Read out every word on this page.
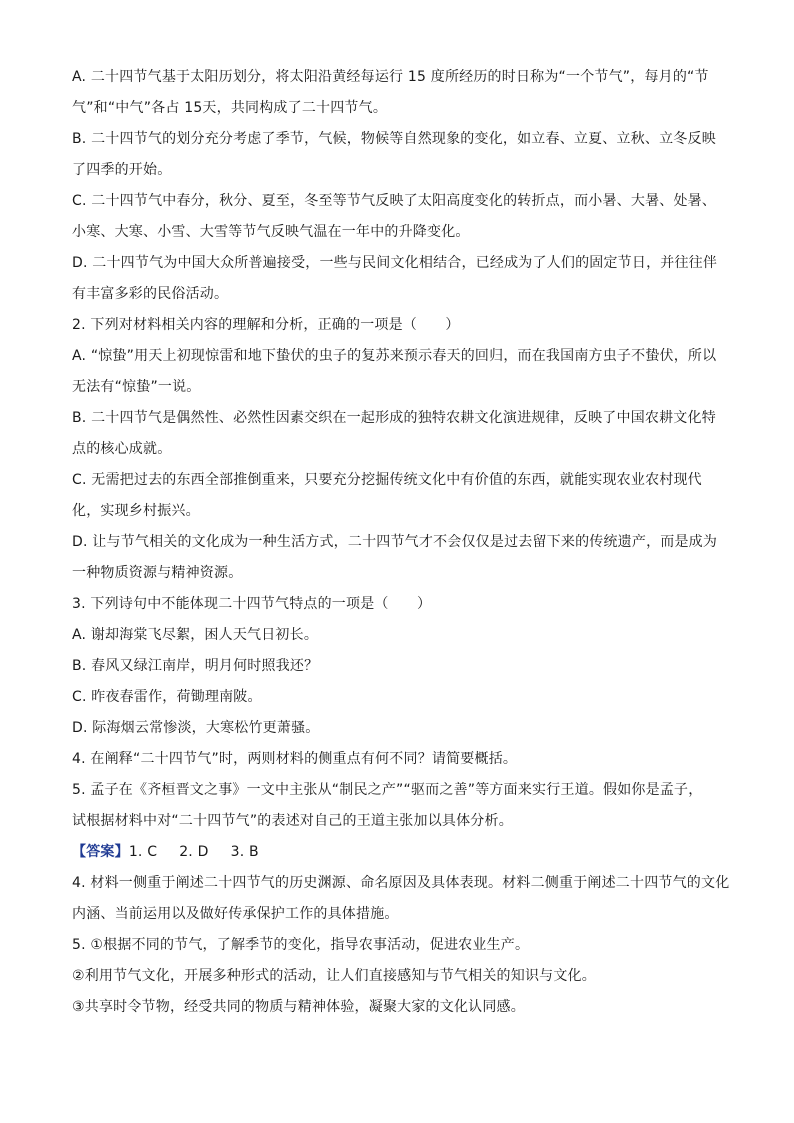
A. 二十四节气基于太阳历划分，将太阳沿黄经每运行 15 度所经历的时日称为“一个节气”，每月的“节
气”和“中气”各占 15天，共同构成了二十四节气。
B. 二十四节气的划分充分考虑了季节，气候，物候等自然现象的变化，如立春、立夏、立秋、立冬反映
了四季的开始。
C. 二十四节气中春分，秋分、夏至，冬至等节气反映了太阳高度变化的转折点，而小暑、大暑、处暑、
小寒、大寒、小雪、大雪等节气反映气温在一年中的升降变化。
D. 二十四节气为中国大众所普遍接受，一些与民间文化相结合，已经成为了人们的固定节日，并往往伴
有丰富多彩的民俗活动。
2. 下列对材料相关内容的理解和分析，正确的一项是（　　）
A. “惊蛰”用天上初现惊雷和地下蛰伏的虫子的复苏来预示春天的回归，而在我国南方虫子不蛰伏，所以
无法有“惊蛰”一说。
B. 二十四节气是偶然性、必然性因素交织在一起形成的独特农耕文化演进规律，反映了中国农耕文化特
点的核心成就。
C. 无需把过去的东西全部推倒重来，只要充分挖掘传统文化中有价值的东西，就能实现农业农村现代
化，实现乡村振兴。
D. 让与节气相关的文化成为一种生活方式，二十四节气才不会仅仅是过去留下来的传统遗产，而是成为
一种物质资源与精神资源。
3. 下列诗句中不能体现二十四节气特点的一项是（　　）
A. 谢却海棠飞尽絮，困人天气日初长。
B. 春风又绿江南岸，明月何时照我还？
C. 昨夜春雷作，荷锄理南陂。
D. 际海烟云常惨淡，大寒松竹更萧骚。
4. 在阐释“二十四节气”时，两则材料的侧重点有何不同？请简要概括。
5. 孟子在《齐桓晋文之事》一文中主张从“制民之产”“驱而之善”等方面来实行王道。假如你是孟子，
试根据材料中对“二十四节气”的表述对自己的王道主张加以具体分析。
【答案】1. C 2. D 3. B
4. 材料一侧重于阐述二十四节气的历史渊源、命名原因及具体表现。材料二侧重于阐述二十四节气的文化
内涵、当前运用以及做好传承保护工作的具体措施。
5. ①根据不同的节气，了解季节的变化，指导农事活动，促进农业生产。
②利用节气文化，开展多种形式的活动，让人们直接感知与节气相关的知识与文化。
③共享时令节物，经受共同的物质与精神体验，凝聚大家的文化认同感。
